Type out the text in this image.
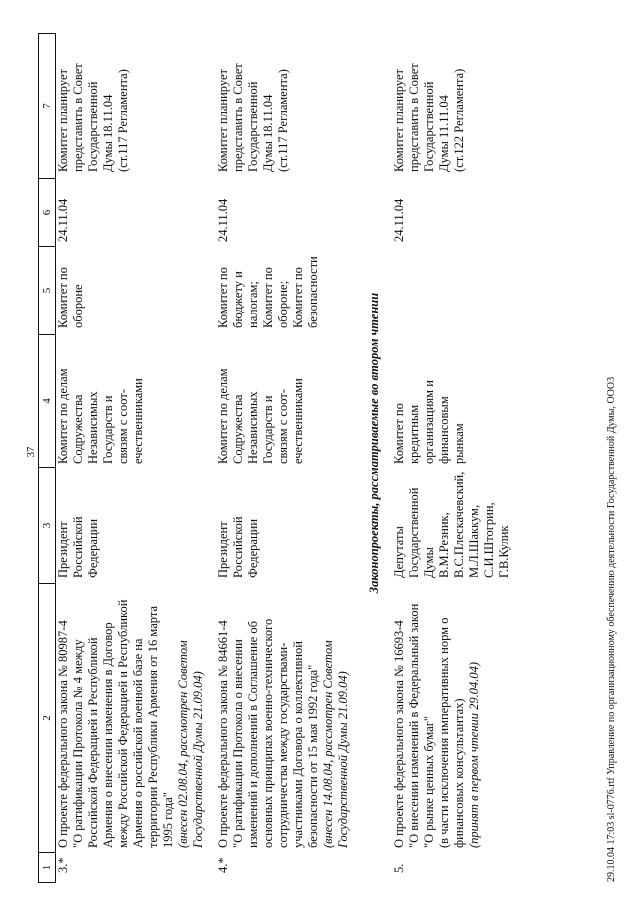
37
1
2
3
4
5
6
7
3.*
О проекте федерального закона № 80987-4 "О ратификации Протокола № 4 между Российской Федерацией и Республикой Армения о внесении изменения в Договор между Российской Федерацией и Республикой Армения о российской военной базе на территории Республики Армения от 16 марта 1995 года" (внесен 02.08.04, рассмотрен Советом Государственной Думы 21.09.04)
Президент Российской Федерации
Комитет по делам Содружества Независимых Государств и связям с соот- ечественниками
Комитет по обороне
24.11.04
Комитет планирует представить в Совет Государственной Думы 18.11.04 (ст.117 Регламента)
4.*
О проекте федерального закона № 84661-4 "О ратификации Протокола о внесении изменений и дополнений в Соглашение об основных принципах военно-технического сотрудничества между государствами- участниками Договора о коллективной безопасности от 15 мая 1992 года" (внесен 14.08.04, рассмотрен Советом Государственной Думы 21.09.04)
Президент Российской Федерации
Комитет по делам Содружества Независимых Государств и связям с соот- ечественниками
Комитет по бюджету и налогам; Комитет по обороне; Комитет по безопасности
24.11.04
Комитет планирует представить в Совет Государственной Думы 18.11.04 (ст.117 Регламента)
Законопроекты, рассматриваемые во втором чтении
5.
О проекте федерального закона № 16693-4 "О внесении изменений в Федеральный закон "О рынке ценных бумаг" (в части исключения императивных норм о финансовых консультантах) (принят в первом чтении 29.04.04)
Депутаты Государственной Думы В.М.Резник, В.С.Плескачевский, М.Л.Шаккум, С.И.Штогрин, Г.В.Кулик
Комитет по кредитным организациям и финансовым рынкам
24.11.04
Комитет планирует представить в Совет Государственной Думы 11.11.04 (ст.122 Регламента)
29.10.04 17:03 sl-0776.rtf Управление по организационному обеспечению деятельности Государственной Думы, ООО3
